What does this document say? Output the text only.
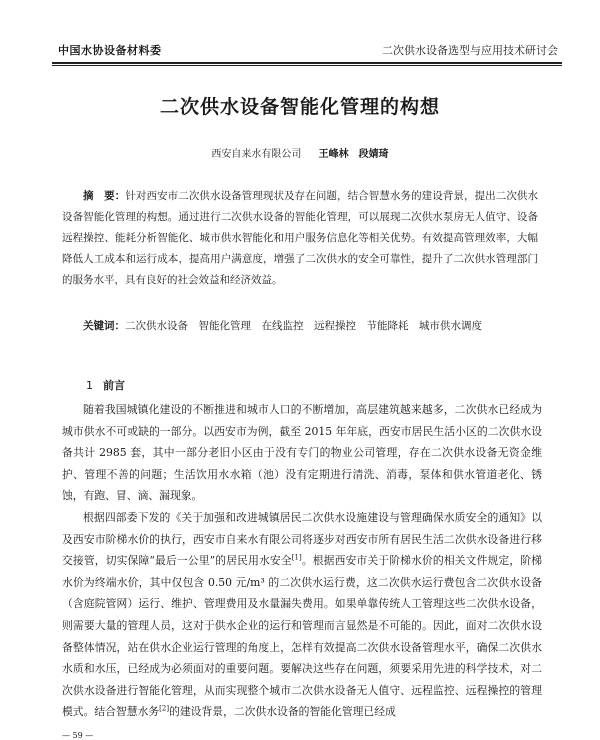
中国水协设备材料委	二次供水设备选型与应用技术研讨会
二次供水设备智能化管理的构想
西安自来水有限公司 王峰林　段婧琦
摘　要：针对西安市二次供水设备管理现状及存在问题，结合智慧水务的建设背景，提出二次供水设备智能化管理的构想。通过进行二次供水设备的智能化管理，可以展现二次供水泵房无人值守、设备远程操控、能耗分析智能化、城市供水智能化和用户服务信息化等相关优势。有效提高管理效率，大幅降低人工成本和运行成本，提高用户满意度，增强了二次供水的安全可靠性，提升了二次供水管理部门的服务水平，具有良好的社会效益和经济效益。
关键词：二次供水设备　智能化管理　在线监控　远程操控　节能降耗　城市供水调度
1 前言

随着我国城镇化建设的不断推进和城市人口的不断增加，高层建筑越来越多，二次供水已经成为城市供水不可或缺的一部分。以西安市为例，截至 2015 年年底，西安市居民生活小区的二次供水设备共计 2985 套，其中一部分老旧小区由于没有专门的物业公司管理，存在二次供水设备无资金维护、管理不善的问题；生活饮用水水箱（池）没有定期进行清洗、消毒，泵体和供水管道老化、锈蚀，有跑、冒、滴、漏现象。

根据四部委下发的《关于加强和改进城镇居民二次供水设施建设与管理确保水质安全的通知》以及西安市阶梯水价的执行，西安市自来水有限公司将逐步对西安市所有居民生活二次供水设备进行移交接管，切实保障“最后一公里”的居民用水安全[1]。根据西安市关于阶梯水价的相关文件规定，阶梯水价为终端水价，其中仅包含 0.50 元/m³ 的二次供水运行费，这二次供水运行费包含二次供水设备（含庭院管网）运行、维护、管理费用及水量漏失费用。如果单靠传统人工管理这些二次供水设备，则需要大量的管理人员，这对于供水企业的运行和管理而言显然是不可能的。因此，面对二次供水设备整体情况，站在供水企业运行管理的角度上，怎样有效提高二次供水设备管理水平，确保二次供水水质和水压，已经成为必须面对的重要问题。要解决这些存在问题，须要采用先进的科学技术，对二次供水设备进行智能化管理，从而实现整个城市二次供水设备无人值守、远程监控、远程操控的管理模式。结合智慧水务[2]的建设背景，二次供水设备的智能化管理已经成

— 59 —
